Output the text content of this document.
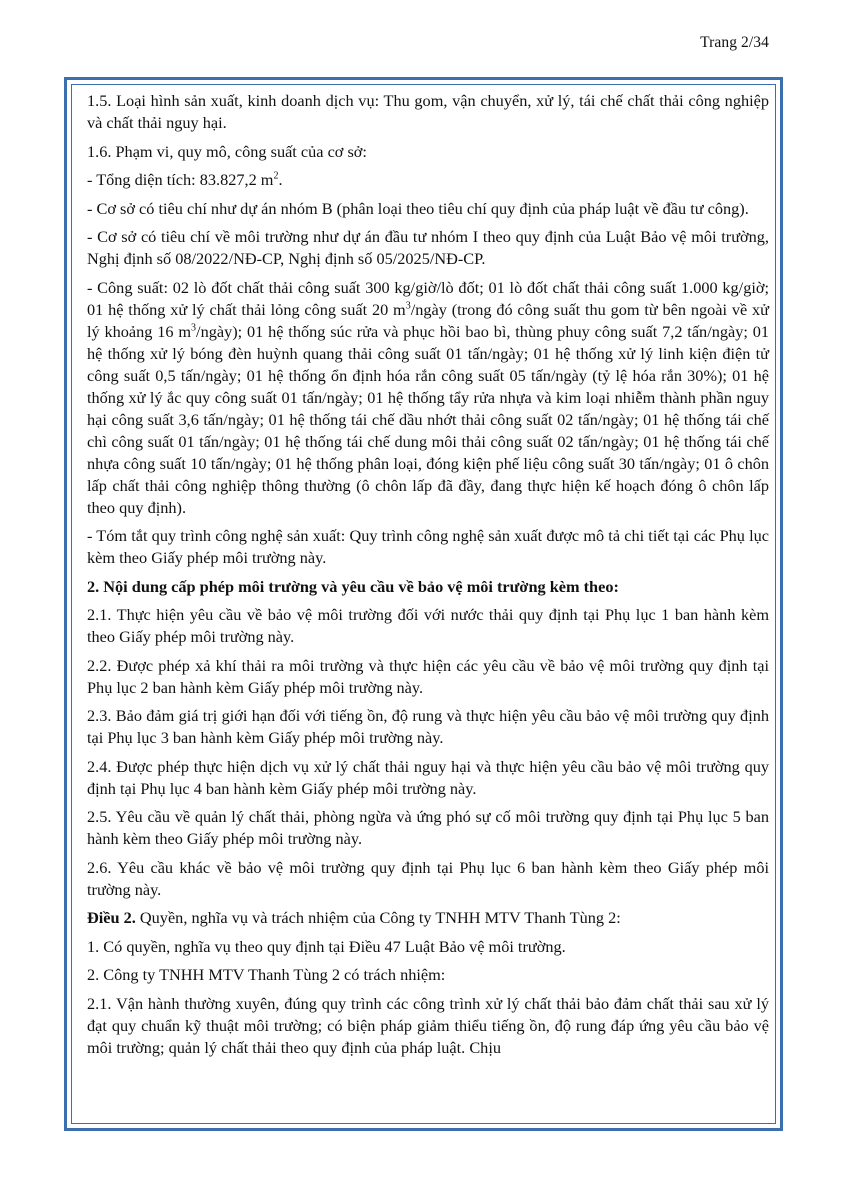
Trang 2/34

1.5. Loại hình sản xuất, kinh doanh dịch vụ: Thu gom, vận chuyển, xử lý, tái chế chất thải công nghiệp và chất thải nguy hại.

1.6. Phạm vi, quy mô, công suất của cơ sở:

- Tổng diện tích: 83.827,2 $m^2$.

- Cơ sở có tiêu chí như dự án nhóm B (phân loại theo tiêu chí quy định của pháp luật về đầu tư công).

- Cơ sở có tiêu chí về môi trường như dự án đầu tư nhóm I theo quy định của Luật Bảo vệ môi trường, Nghị định số 08/2022/NĐ-CP, Nghị định số 05/2025/NĐ-CP.

- Công suất: 02 lò đốt chất thải công suất 300 kg/giờ/lò đốt; 01 lò đốt chất thải công suất 1.000 kg/giờ; 01 hệ thống xử lý chất thải lỏng công suất 20 $m^3$/ngày (trong đó công suất thu gom từ bên ngoài về xử lý khoảng 16 $m^3/ngày$); 01 hệ thống súc rửa và phục hồi bao bì, thùng phuy công suất 7,2 tấn/ngày; 01 hệ thống xử lý bóng đèn huỳnh quang thải công suất 01 tấn/ngày; 01 hệ thống xử lý linh kiện điện tử công suất 0,5 tấn/ngày; 01 hệ thống ổn định hóa rắn công suất 05 tấn/ngày (tỷ lệ hóa rắn 30%); 01 hệ thống xử lý ắc quy công suất 01 tấn/ngày; 01 hệ thống tẩy rửa nhựa và kim loại nhiễm thành phần nguy hại công suất 3,6 tấn/ngày; 01 hệ thống tái chế dầu nhớt thải công suất 02 tấn/ngày; 01 hệ thống tái chế chì công suất 01 tấn/ngày; 01 hệ thống tái chế dung môi thải công suất 02 tấn/ngày; 01 hệ thống tái chế nhựa công suất 10 tấn/ngày; 01 hệ thống phân loại, đóng kiện phế liệu công suất 30 tấn/ngày; 01 ô chôn lấp chất thải công nghiệp thông thường (ô chôn lấp đã đầy, đang thực hiện kế hoạch đóng ô chôn lấp theo quy định).

- Tóm tắt quy trình công nghệ sản xuất: Quy trình công nghệ sản xuất được mô tả chi tiết tại các Phụ lục kèm theo Giấy phép môi trường này.

2. Nội dung cấp phép môi trường và yêu cầu về bảo vệ môi trường kèm theo:

2.1. Thực hiện yêu cầu về bảo vệ môi trường đối với nước thải quy định tại Phụ lục 1 ban hành kèm theo Giấy phép môi trường này.

2.2. Được phép xả khí thải ra môi trường và thực hiện các yêu cầu về bảo vệ môi trường quy định tại Phụ lục 2 ban hành kèm Giấy phép môi trường này.

2.3. Bảo đảm giá trị giới hạn đối với tiếng ồn, độ rung và thực hiện yêu cầu bảo vệ môi trường quy định tại Phụ lục 3 ban hành kèm Giấy phép môi trường này.

2.4. Được phép thực hiện dịch vụ xử lý chất thải nguy hại và thực hiện yêu cầu bảo vệ môi trường quy định tại Phụ lục 4 ban hành kèm Giấy phép môi trường này.

2.5. Yêu cầu về quản lý chất thải, phòng ngừa và ứng phó sự cố môi trường quy định tại Phụ lục 5 ban hành kèm theo Giấy phép môi trường này.

2.6. Yêu cầu khác về bảo vệ môi trường quy định tại Phụ lục 6 ban hành kèm theo Giấy phép môi trường này.

Điều 2. Quyền, nghĩa vụ và trách nhiệm của Công ty TNHH MTV Thanh Tùng 2:

1. Có quyền, nghĩa vụ theo quy định tại Điều 47 Luật Bảo vệ môi trường.

2. Công ty TNHH MTV Thanh Tùng 2 có trách nhiệm:

2.1. Vận hành thường xuyên, đúng quy trình các công trình xử lý chất thải bảo đảm chất thải sau xử lý đạt quy chuẩn kỹ thuật môi trường; có biện pháp giảm thiểu tiếng ồn, độ rung đáp ứng yêu cầu bảo vệ môi trường; quản lý chất thải theo quy định của pháp luật. Chịu
